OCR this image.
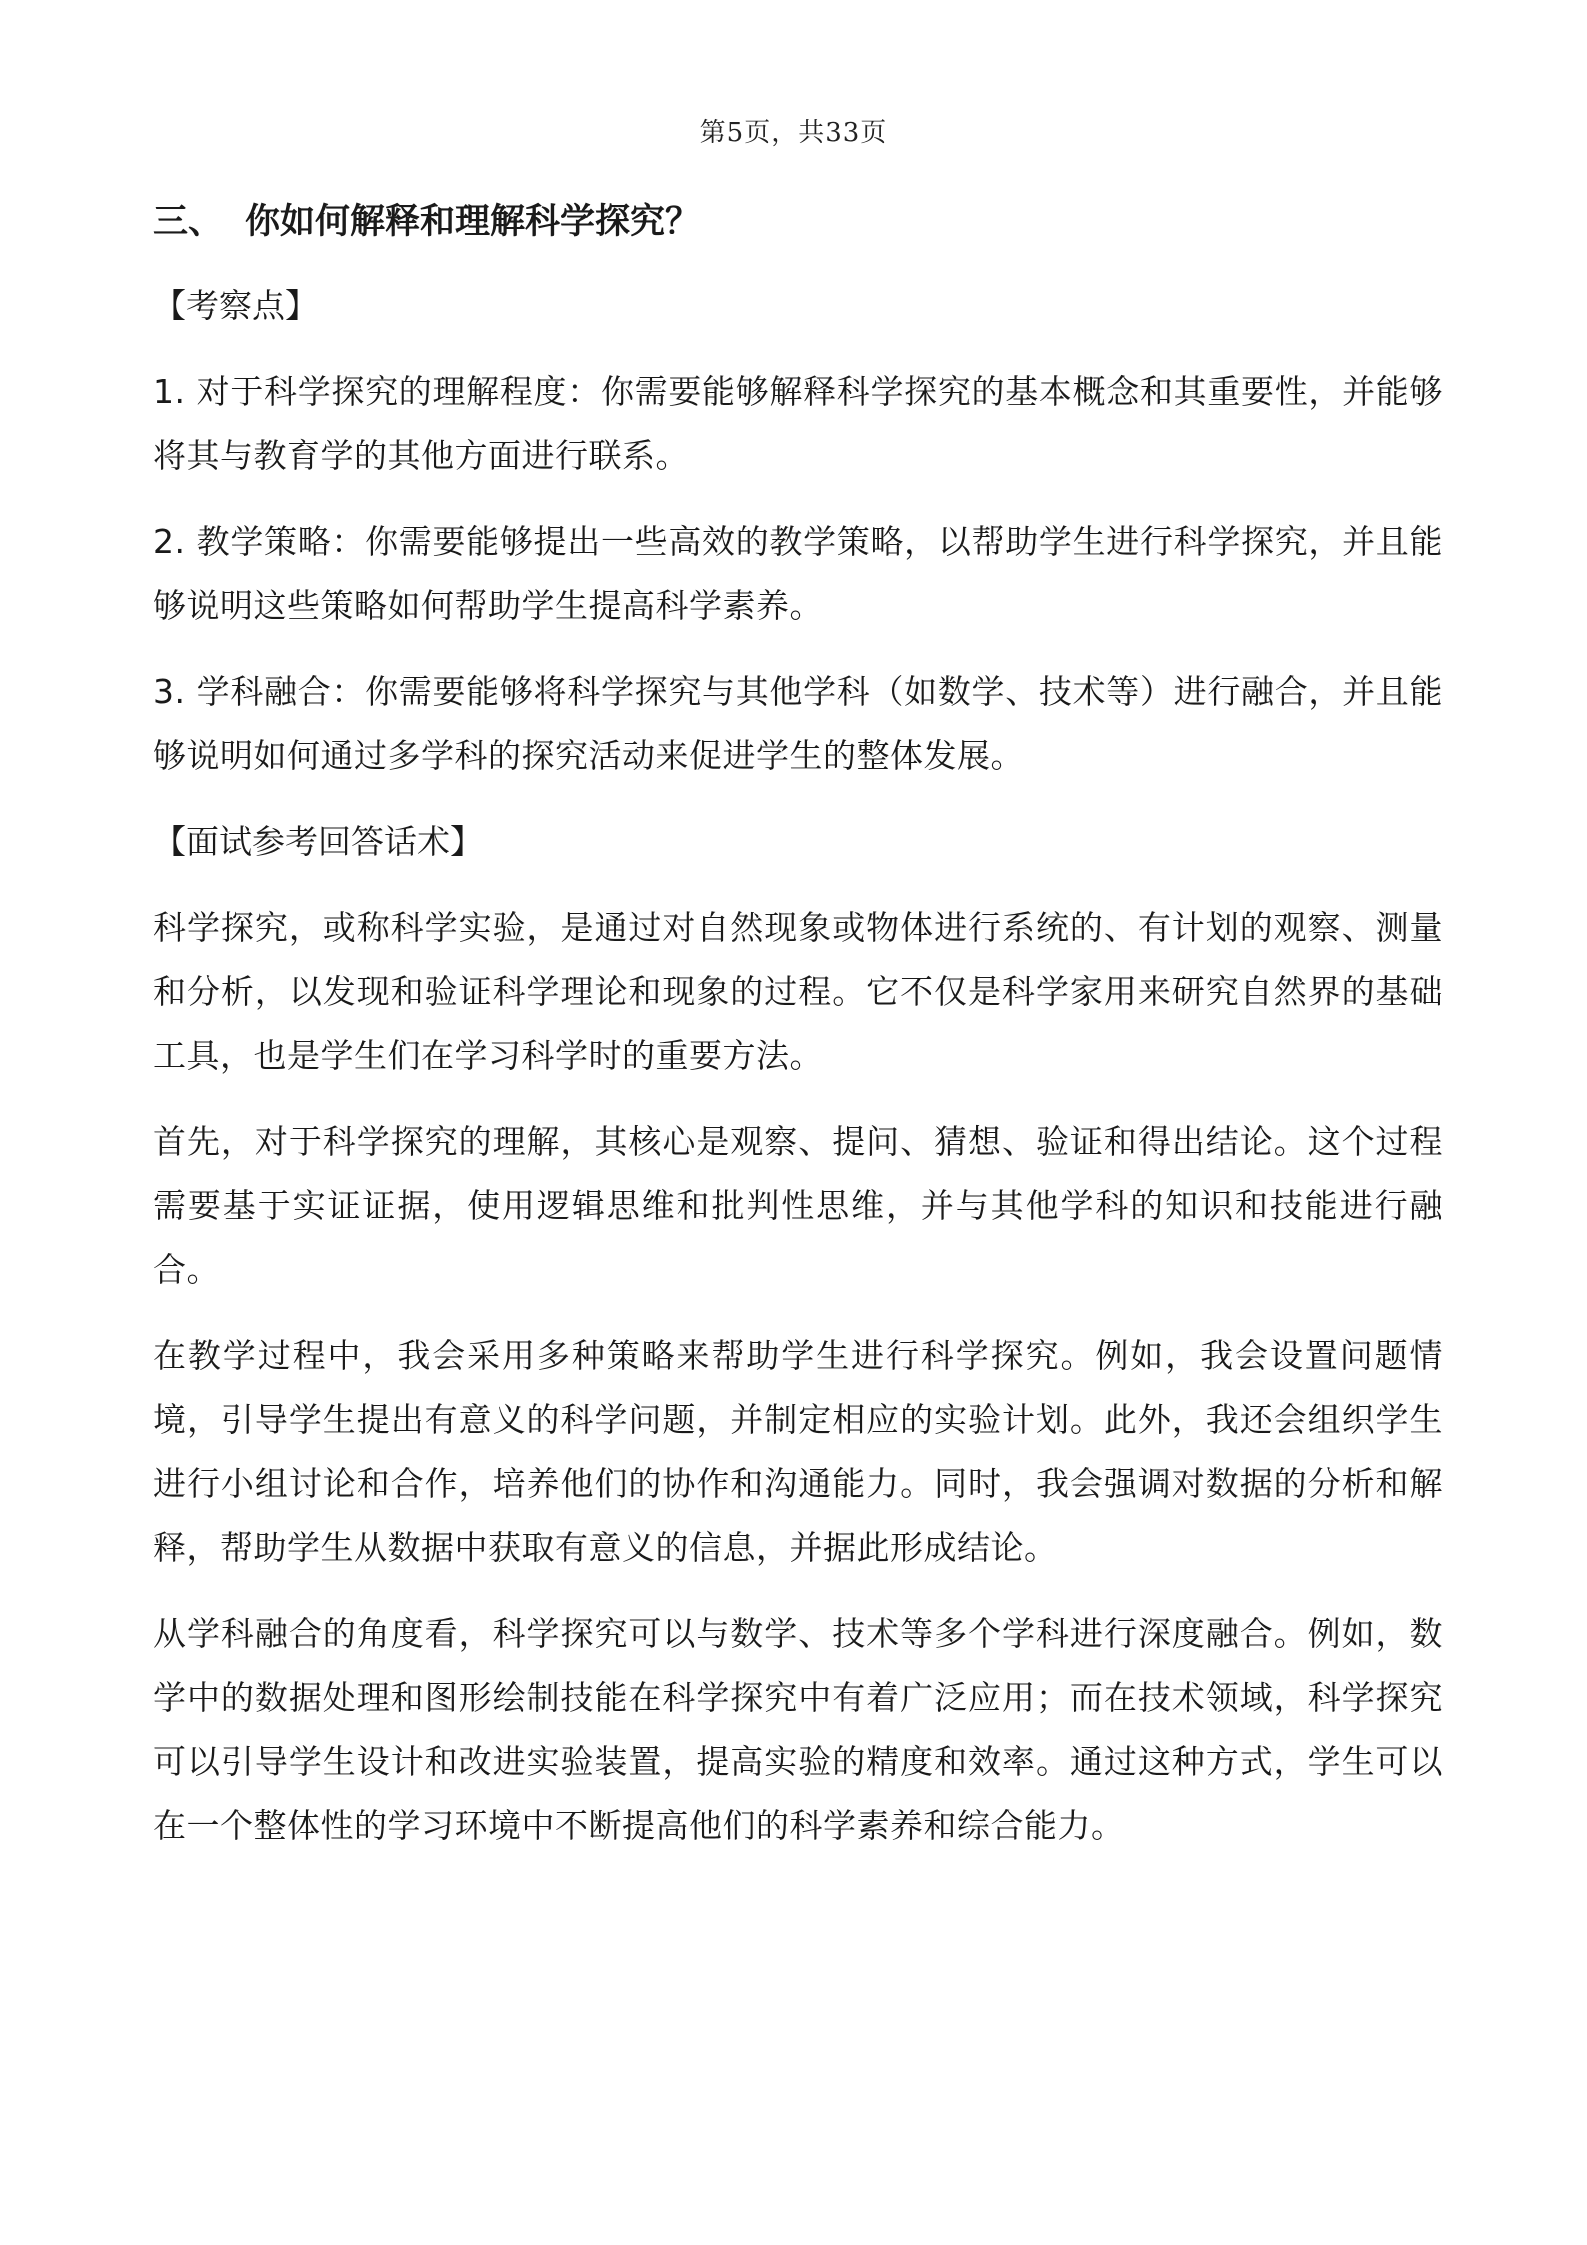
第5页，共33页
三、 你如何解释和理解科学探究？
【考察点】
1. 对于科学探究的理解程度：你需要能够解释科学探究的基本概念和其重要性，并能够将其与教育学的其他方面进行联系。
2. 教学策略：你需要能够提出一些高效的教学策略，以帮助学生进行科学探究，并且能够说明这些策略如何帮助学生提高科学素养。
3. 学科融合：你需要能够将科学探究与其他学科（如数学、技术等）进行融合，并且能够说明如何通过多学科的探究活动来促进学生的整体发展。
【面试参考回答话术】
科学探究，或称科学实验，是通过对自然现象或物体进行系统的、有计划的观察、测量和分析，以发现和验证科学理论和现象的过程。它不仅是科学家用来研究自然界的基础工具，也是学生们在学习科学时的重要方法。
首先，对于科学探究的理解，其核心是观察、提问、猜想、验证和得出结论。这个过程需要基于实证证据，使用逻辑思维和批判性思维，并与其他学科的知识和技能进行融合。
在教学过程中，我会采用多种策略来帮助学生进行科学探究。例如，我会设置问题情境，引导学生提出有意义的科学问题，并制定相应的实验计划。此外，我还会组织学生进行小组讨论和合作，培养他们的协作和沟通能力。同时，我会强调对数据的分析和解释，帮助学生从数据中获取有意义的信息，并据此形成结论。
从学科融合的角度看，科学探究可以与数学、技术等多个学科进行深度融合。例如，数学中的数据处理和图形绘制技能在科学探究中有着广泛应用；而在技术领域，科学探究可以引导学生设计和改进实验装置，提高实验的精度和效率。通过这种方式，学生可以在一个整体性的学习环境中不断提高他们的科学素养和综合能力。
